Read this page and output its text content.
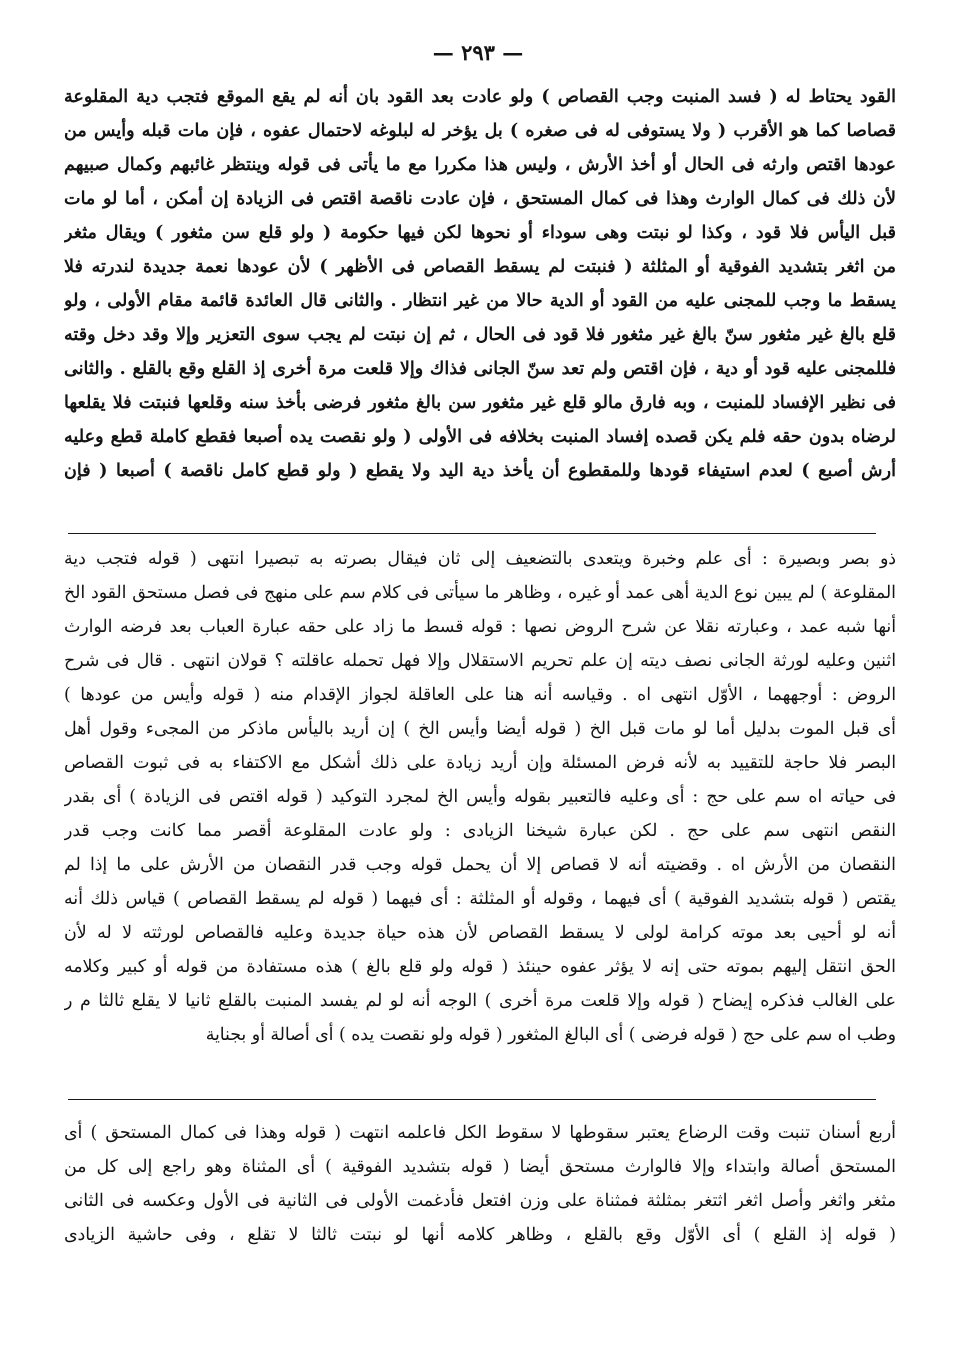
— ٢٩٣ —
القود يحتاط له ( فسد المنبت وجب القصاص ) ولو عادت بعد القود بان أنه لم يقع الموقع فتجب دية المقلوعة
قصاصا كما هو الأقرب ( ولا يستوفى له فى صغره ) بل يؤخر له لبلوغه لاحتمال عفوه ، فإن مات قبله وأيس من
عودها اقتص وارثه فى الحال أو أخذ الأرش ، وليس هذا مكررا مع ما يأتى فى قوله وينتظر غائبهم وكمال صبيهم
لأن ذلك فى كمال الوارث وهذا فى كمال المستحق ، فإن عادت ناقصة اقتص فى الزيادة إن أمكن ، أما لو مات
قبل اليأس فلا قود ، وكذا لو نبتت وهى سوداء أو نحوها لكن فيها حكومة ( ولو قلع سن مثغور ) ويقال مثغر
من اثغر بتشديد الفوقية أو المثلثة ( فنبتت لم يسقط القصاص فى الأظهر ) لأن عودها نعمة جديدة لندرته فلا
يسقط ما وجب للمجنى عليه من القود أو الدية حالا من غير انتظار . والثانى قال العائدة قائمة مقام الأولى ، ولو
قلع بالغ غير مثغور سنّ بالغ غير مثغور فلا قود فى الحال ، ثم إن نبتت لم يجب سوى التعزير وإلا وقد دخل وقته
فللمجنى عليه قود أو دية ، فإن اقتص ولم تعد سنّ الجانى فذاك وإلا قلعت مرة أخرى إذ القلع وقع بالقلع . والثانى
فى نظير الإفساد للمنبت ، وبه فارق مالو قلع غير مثغور سن بالغ مثغور فرضى بأخذ سنه وقلعها فنبتت فلا يقلعها
لرضاه بدون حقه فلم يكن قصده إفساد المنبت بخلافه فى الأولى ( ولو نقصت يده أصبعا فقطع كاملة قطع وعليه
أرش أصبع ) لعدم استيفاء قودها وللمقطوع أن يأخذ دية اليد ولا يقطع ( ولو قطع كامل ناقصة ) أصبعا ( فإن
ذو بصر وبصيرة : أى علم وخبرة ويتعدى بالتضعيف إلى ثان فيقال بصرته به تبصيرا انتهى ( قوله فتجب دية
المقلوعة ) لم يبين نوع الدية أهى عمد أو غيره ، وظاهر ما سيأتى فى كلام سم على منهج فى فصل مستحق القود الخ
أنها شبه عمد ، وعبارته نقلا عن شرح الروض نصها : قوله قسط ما زاد على حقه عبارة العباب بعد فرضه الوارث
اثنين وعليه لورثة الجانى نصف ديته إن علم تحريم الاستقلال وإلا فهل تحمله عاقلته ؟ قولان انتهى . قال فى شرح
الروض : أوجههما ، الأوّل انتهى اه . وقياسه أنه هنا على العاقلة لجواز الإقدام منه ( قوله وأيس من عودها )
أى قبل الموت بدليل أما لو مات قبل الخ ( قوله أيضا وأيس الخ ) إن أريد باليأس ماذكر من المجىء وقول أهل
البصر فلا حاجة للتقييد به لأنه فرض المسئلة وإن أريد زيادة على ذلك أشكل مع الاكتفاء به فى ثبوت القصاص
فى حياته اه سم على حج : أى وعليه فالتعبير بقوله وأيس الخ لمجرد التوكيد ( قوله اقتص فى الزيادة ) أى بقدر
النقص انتهى سم على حج . لكن عبارة شيخنا الزيادى : ولو عادت المقلوعة أقصر مما كانت وجب قدر
النقصان من الأرش اه . وقضيته أنه لا قصاص إلا أن يحمل قوله وجب قدر النقصان من الأرش على ما إذا لم
يقتص ( قوله بتشديد الفوقية ) أى فيهما ، وقوله أو المثلثة : أى فيهما ( قوله لم يسقط القصاص ) قياس ذلك أنه
أنه لو أحيى بعد موته كرامة لولى لا يسقط القصاص لأن هذه حياة جديدة وعليه فالقصاص لورثته لا له لأن
الحق انتقل إليهم بموته حتى إنه لا يؤثر عفوه حينئذ ( قوله ولو قلع بالغ ) هذه مستفادة من قوله أو كبير وكلامه
على الغالب فذكره إيضاح ( قوله وإلا قلعت مرة أخرى ) الوجه أنه لو لم يفسد المنبت بالقلع ثانيا لا يقلع ثالثا م ر
وطب اه سم على حج ( قوله فرضى ) أى البالغ المثغور ( قوله ولو نقصت يده ) أى أصالة أو بجناية
أربع أسنان تنبت وقت الرضاع يعتبر سقوطها لا سقوط الكل فاعلمه انتهت ( قوله وهذا فى كمال المستحق ) أى
المستحق أصالة وابتداء وإلا فالوارث مستحق أيضا ( قوله بتشديد الفوقية ) أى المثناة وهو راجع إلى كل من
مثغر واثغر وأصل اثغر اثتغر بمثلثة فمثناة على وزن افتعل فأدغمت الأولى فى الثانية فى الأول وعكسه فى الثانى
( قوله إذ القلع ) أى الأوّل وقع بالقلع ، وظاهر كلامه أنها لو نبتت ثالثا لا تقلع ، وفى حاشية الزيادى
